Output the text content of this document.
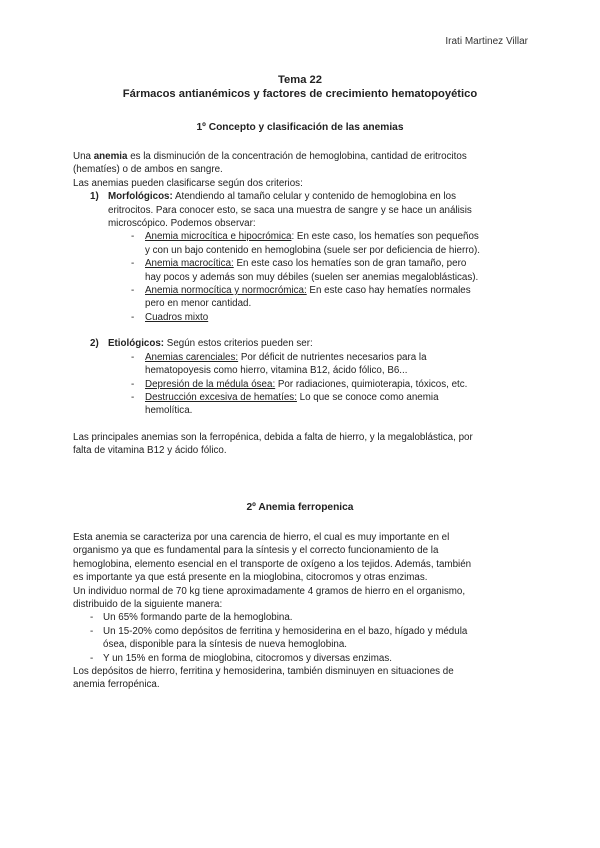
Irati Martinez Villar
Tema 22
Fármacos antianémicos y factores de crecimiento hematopoyético
1º Concepto y clasificación de las anemias
Una anemia es la disminución de la concentración de hemoglobina, cantidad de eritrocitos
(hematíes) o de ambos en sangre.
Las anemias pueden clasificarse según dos criterios:
1) Morfológicos: Atendiendo al tamaño celular y contenido de hemoglobina en los
eritrocitos. Para conocer esto, se saca una muestra de sangre y se hace un análisis
microscópico. Podemos observar:
- Anemia microcítica e hipocrómica: En este caso, los hematíes son pequeños
y con un bajo contenido en hemoglobina (suele ser por deficiencia de hierro).
- Anemia macrocítica: En este caso los hematíes son de gran tamaño, pero
hay pocos y además son muy débiles (suelen ser anemias megaloblásticas).
- Anemia normocítica y normocrómica: En este caso hay hematíes normales
pero en menor cantidad.
- Cuadros mixto
2) Etiológicos: Según estos criterios pueden ser:
- Anemias carenciales: Por déficit de nutrientes necesarios para la
hematopoyesis como hierro, vitamina B12, ácido fólico, B6...
- Depresión de la médula ósea: Por radiaciones, quimioterapia, tóxicos, etc.
- Destrucción excesiva de hematíes: Lo que se conoce como anemia
hemolítica.
Las principales anemias son la ferropénica, debida a falta de hierro, y la megaloblástica, por
falta de vitamina B12 y ácido fólico.
2º Anemia ferropenica
Esta anemia se caracteriza por una carencia de hierro, el cual es muy importante en el
organismo ya que es fundamental para la síntesis y el correcto funcionamiento de la
hemoglobina, elemento esencial en el transporte de oxígeno a los tejidos. Además, también
es importante ya que está presente en la mioglobina, citocromos y otras enzimas.
Un individuo normal de 70 kg tiene aproximadamente 4 gramos de hierro en el organismo,
distribuido de la siguiente manera:
- Un 65% formando parte de la hemoglobina.
- Un 15-20% como depósitos de ferritina y hemosiderina en el bazo, hígado y médula
ósea, disponible para la síntesis de nueva hemoglobina.
- Y un 15% en forma de mioglobina, citocromos y diversas enzimas.
Los depósitos de hierro, ferritina y hemosiderina, también disminuyen en situaciones de
anemia ferropénica.
